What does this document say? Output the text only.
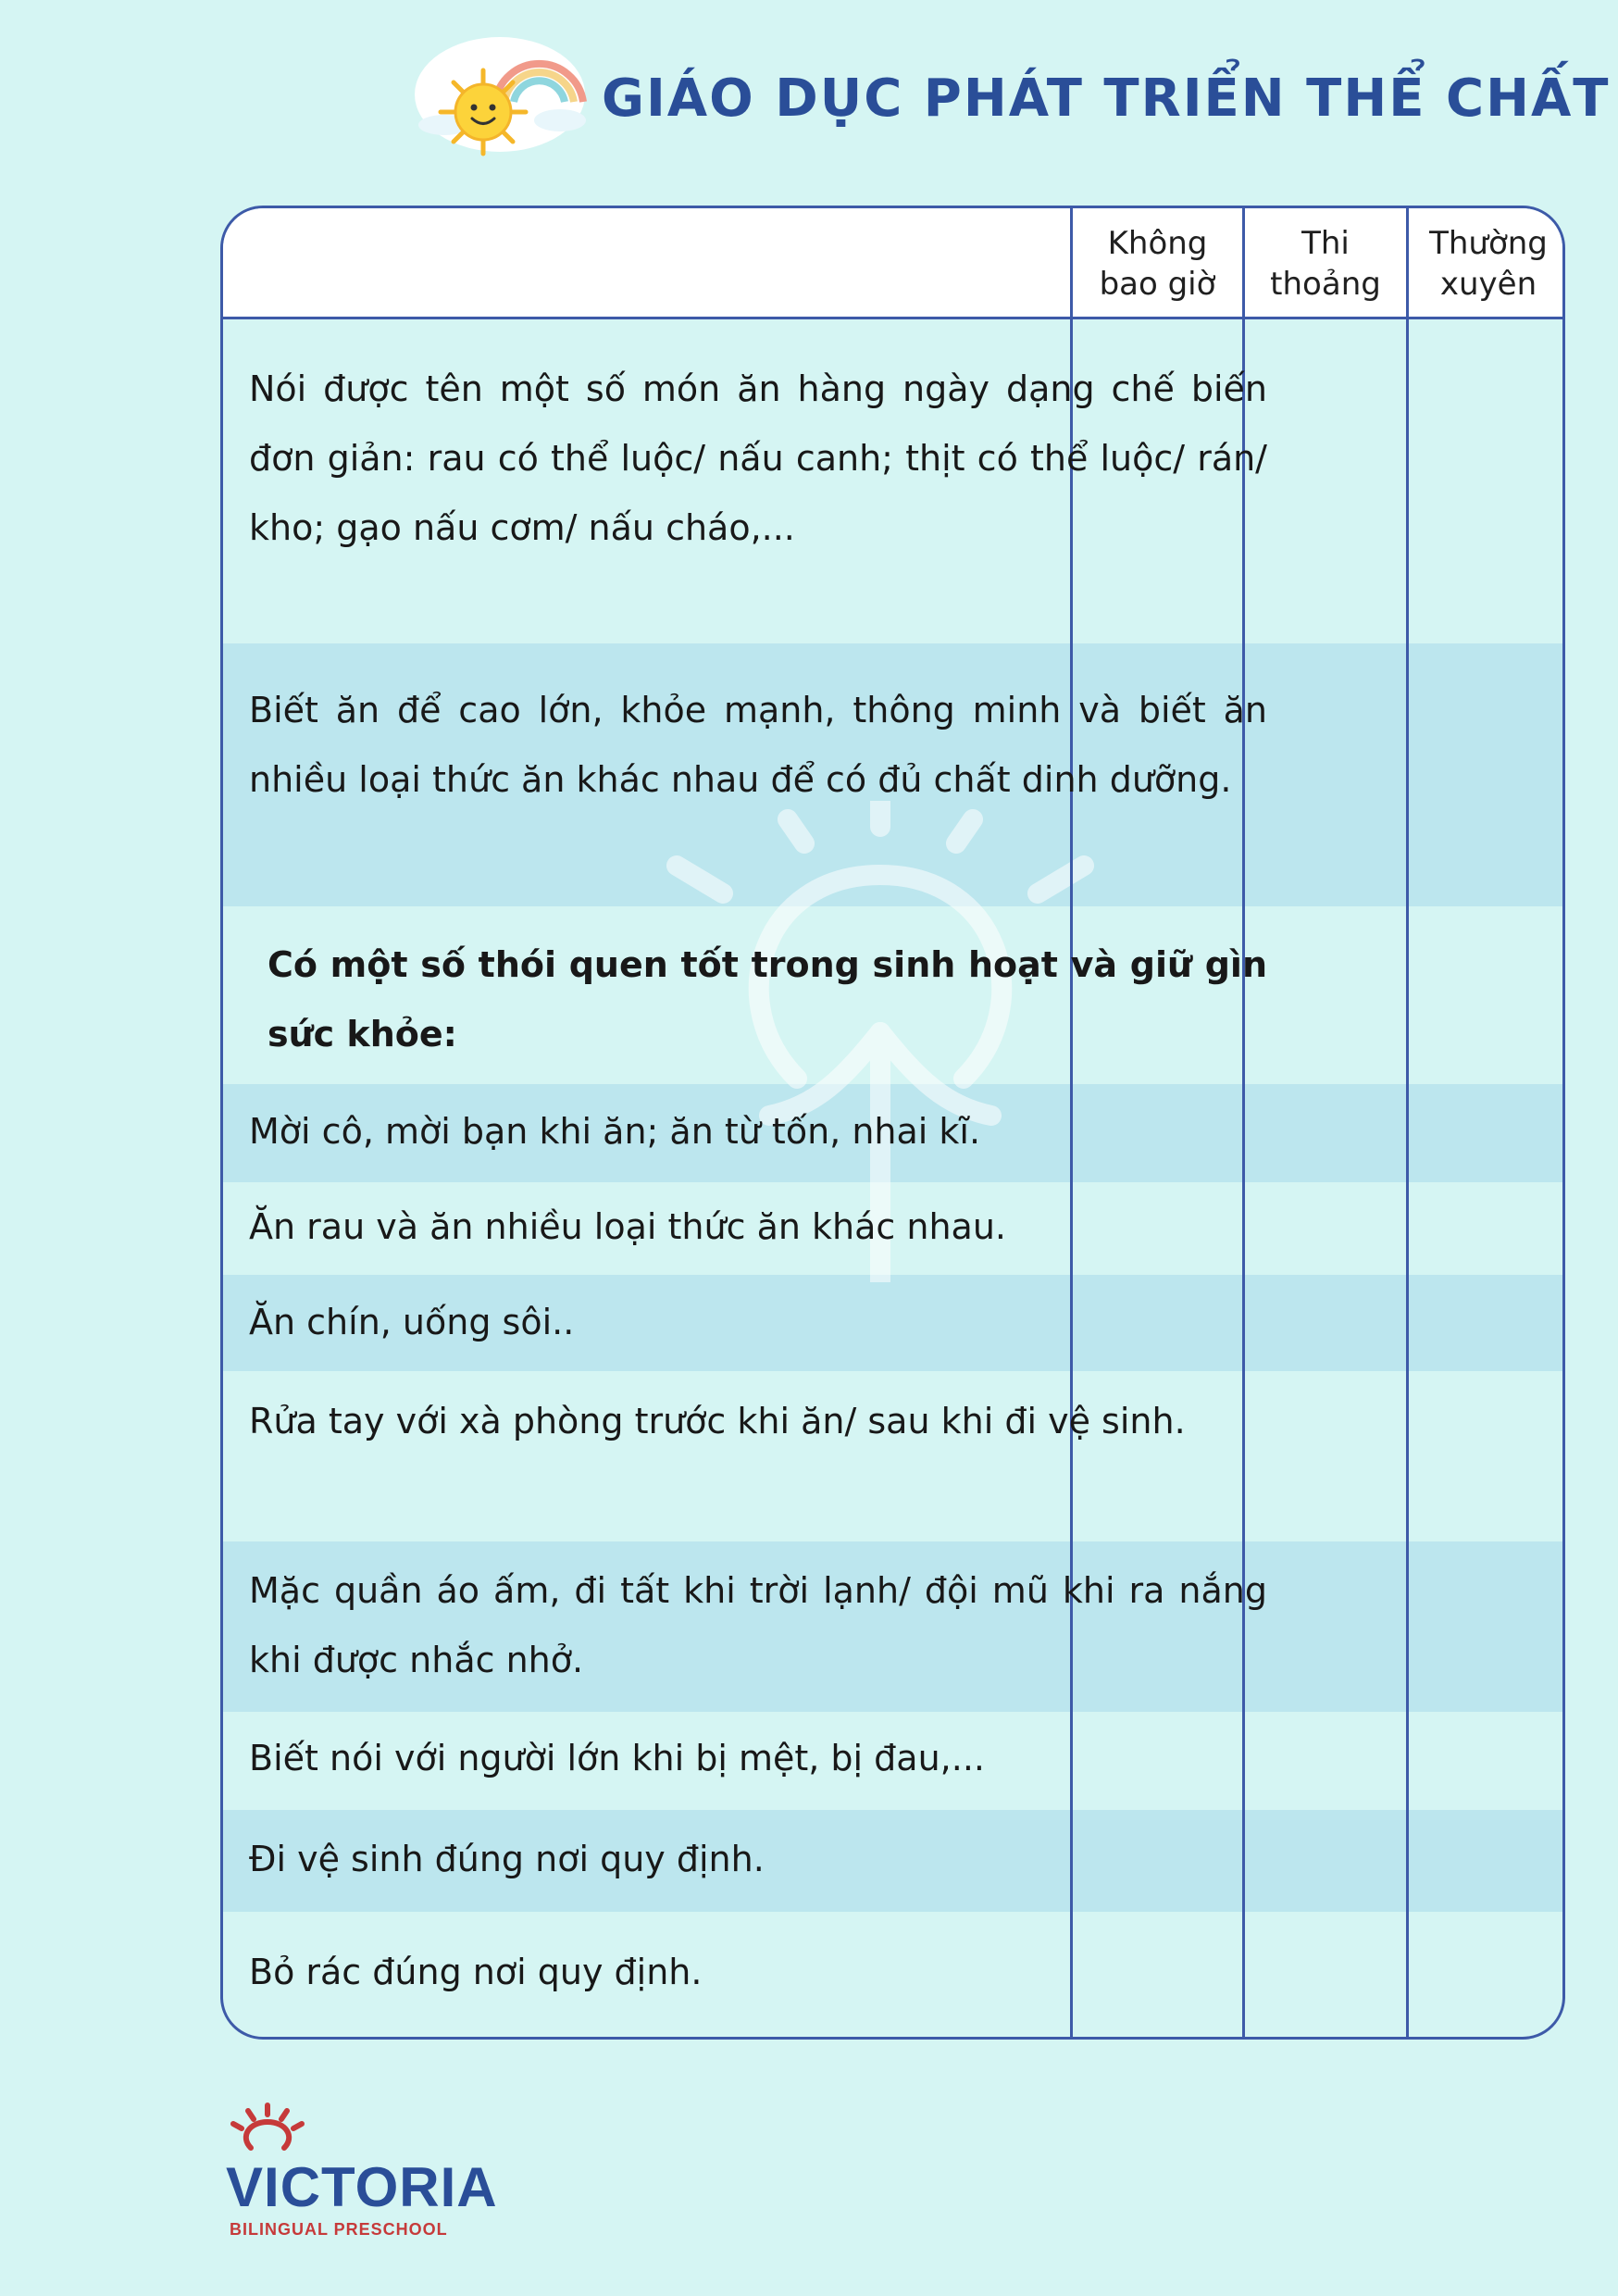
GIÁO DỤC PHÁT TRIỂN THỂ CHẤT
Không
bao giờ
Thi
thoảng
Thường
xuyên
Nói được tên một số món ăn hàng ngày dạng chế biến đơn giản: rau có thể luộc/ nấu canh; thịt có thể luộc/ rán/ kho; gạo nấu cơm/ nấu cháo,...
Biết ăn để cao lớn, khỏe mạnh, thông minh và biết ăn nhiều loại thức ăn khác nhau để có đủ chất dinh dưỡng.
Có một số thói quen tốt trong sinh hoạt và giữ gìn sức khỏe:
Mời cô, mời bạn khi ăn; ăn từ tốn, nhai kĩ.
Ăn rau và ăn nhiều loại thức ăn khác nhau.
Ăn chín, uống sôi..
Rửa tay với xà phòng trước khi ăn/ sau khi đi vệ sinh.
Mặc quần áo ấm, đi tất khi trời lạnh/ đội mũ khi ra nắng khi được nhắc nhở.
Biết nói với người lớn khi bị mệt, bị đau,...
Đi vệ sinh đúng nơi quy định.
Bỏ rác đúng nơi quy định.
VICTORIA
BILINGUAL PRESCHOOL
